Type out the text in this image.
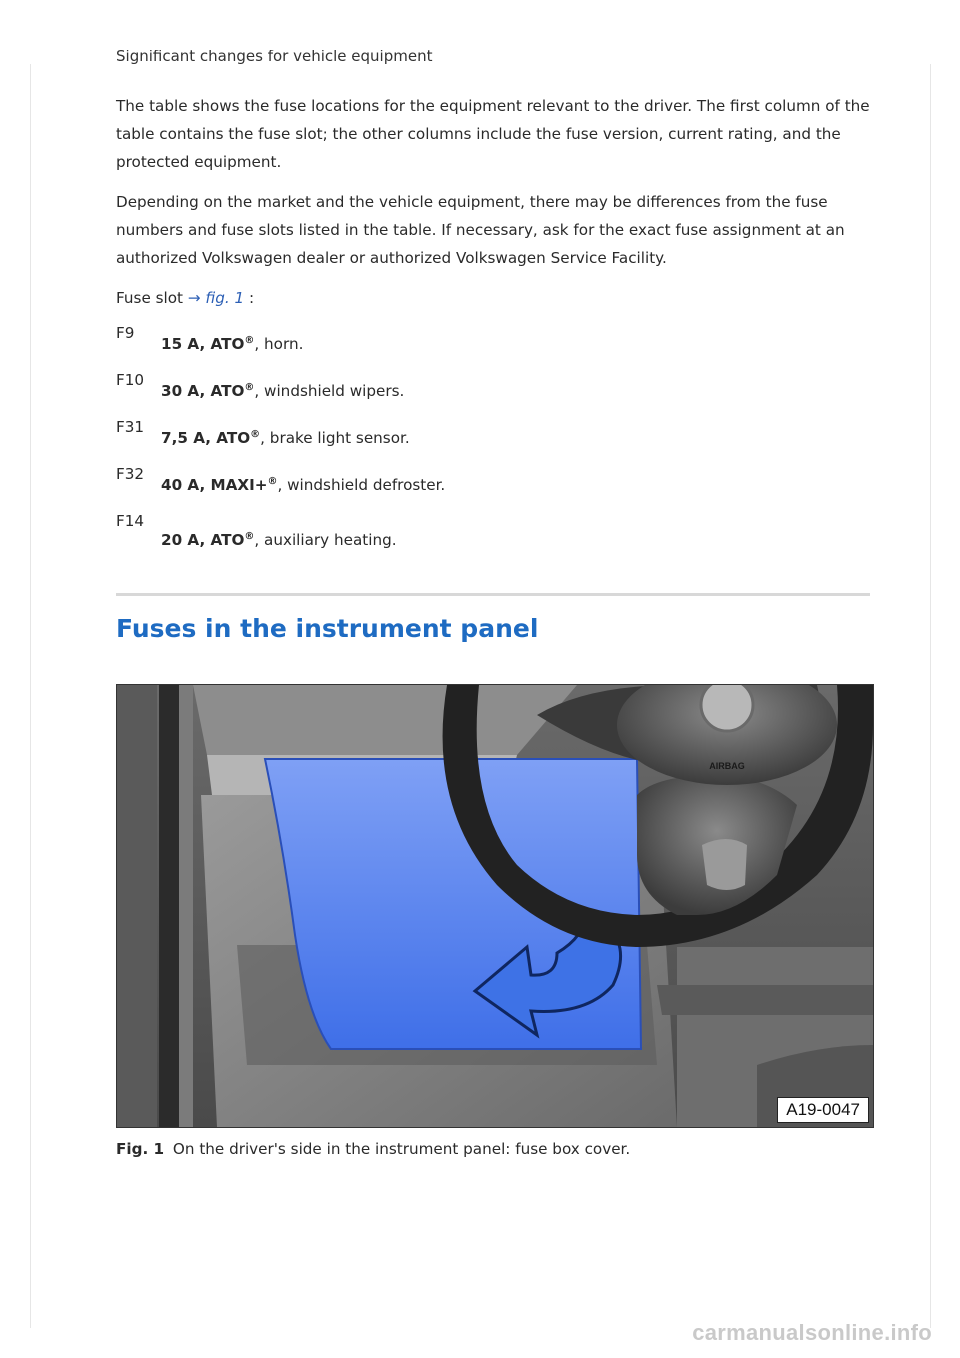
Significant changes for vehicle equipment

The table shows the fuse locations for the equipment relevant to the driver. The first column of the table contains the fuse slot; the other columns include the fuse version, current rating, and the protected equipment.

Depending on the market and the vehicle equipment, there may be differences from the fuse numbers and fuse slots listed in the table. If necessary, ask for the exact fuse assignment at an authorized Volkswagen dealer or authorized Volkswagen Service Facility.

Fuse slot → fig. 1 :

F9
15 A, ATO®, horn.
F10
30 A, ATO®, windshield wipers.
F31
7,5 A, ATO®, brake light sensor.
F32
40 A, MAXI+®, windshield defroster.
F14
20 A, ATO®, auxiliary heating.
Fuses in the instrument panel
AIRBAG
A19-0047
Fig. 1 On the driver's side in the instrument panel: fuse box cover.
carmanualsonline.info
